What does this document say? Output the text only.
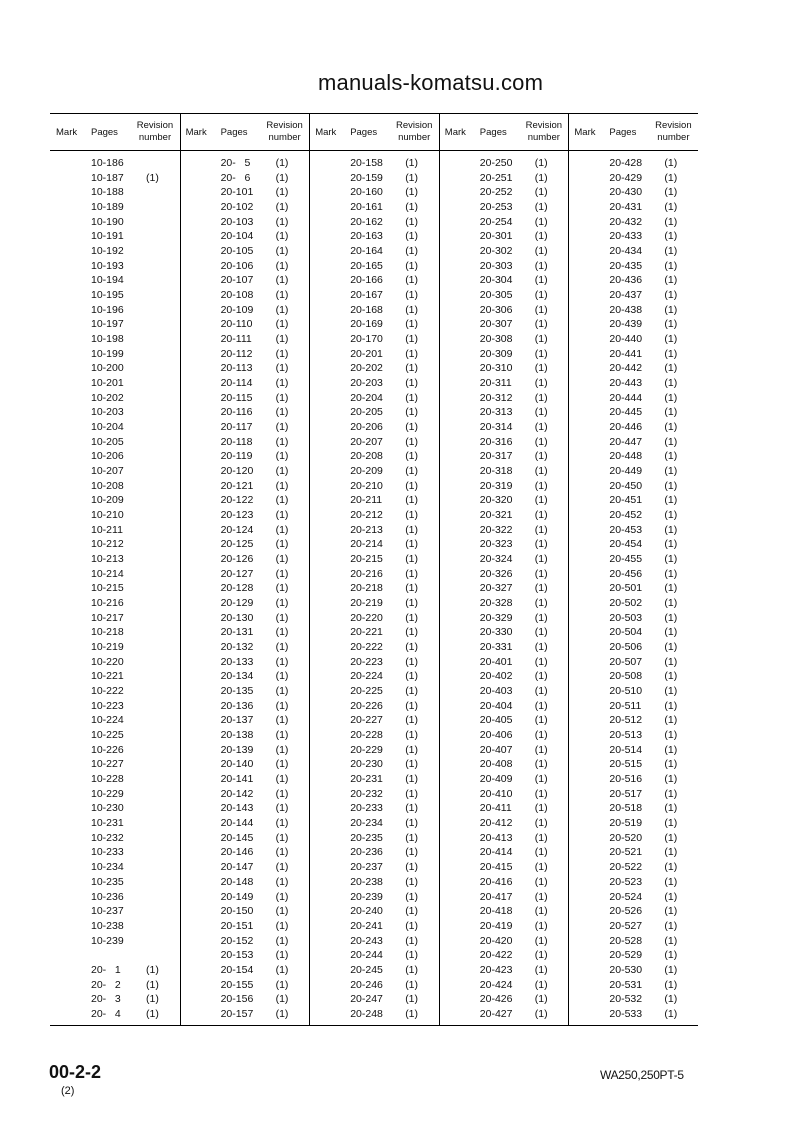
Mark Pages
Revision number
10-186
10-187 (1)
10-188
10-189
10-190
10-191
10-192
10-193
10-194
10-195
10-196
10-197
10-198
10-199
10-200
10-201
10-202
10-203
10-204
10-205
10-206
10-207
10-208
10-209
10-210
10-211
10-212
10-213
10-214
10-215
10-216
10-217
10-218
10-219
10-220
10-221
10-222
10-223
10-224
10-225
10-226
10-227
10-228
10-229
10-230
10-231
10-232
10-233
10-234
10-235
10-236
10-237
10-238
10-239
20-   1 (1)
20-   2 (1)
20-   3 (1)
20-   4 (1)
Mark Pages
Revision number
20-   5 (1)
20-   6 (1)
20-101 (1)
20-102 (1)
20-103 (1)
20-104 (1)
20-105 (1)
20-106 (1)
20-107 (1)
20-108 (1)
20-109 (1)
20-110 (1)
20-111 (1)
20-112 (1)
20-113 (1)
20-114 (1)
20-115 (1)
20-116 (1)
20-117 (1)
20-118 (1)
20-119 (1)
20-120 (1)
20-121 (1)
20-122 (1)
20-123 (1)
20-124 (1)
20-125 (1)
20-126 (1)
20-127 (1)
20-128 (1)
20-129 (1)
20-130 (1)
20-131 (1)
20-132 (1)
20-133 (1)
20-134 (1)
20-135 (1)
20-136 (1)
20-137 (1)
20-138 (1)
20-139 (1)
20-140 (1)
20-141 (1)
20-142 (1)
20-143 (1)
20-144 (1)
20-145 (1)
20-146 (1)
20-147 (1)
20-148 (1)
20-149 (1)
20-150 (1)
20-151 (1)
20-152 (1)
20-153 (1)
20-154 (1)
20-155 (1)
20-156 (1)
20-157 (1)
Mark Pages
Revision number
20-158 (1)
20-159 (1)
20-160 (1)
20-161 (1)
20-162 (1)
20-163 (1)
20-164 (1)
20-165 (1)
20-166 (1)
20-167 (1)
20-168 (1)
20-169 (1)
20-170 (1)
20-201 (1)
20-202 (1)
20-203 (1)
20-204 (1)
20-205 (1)
20-206 (1)
20-207 (1)
20-208 (1)
20-209 (1)
20-210 (1)
20-211 (1)
20-212 (1)
20-213 (1)
20-214 (1)
20-215 (1)
20-216 (1)
20-218 (1)
20-219 (1)
20-220 (1)
20-221 (1)
20-222 (1)
20-223 (1)
20-224 (1)
20-225 (1)
20-226 (1)
20-227 (1)
20-228 (1)
20-229 (1)
20-230 (1)
20-231 (1)
20-232 (1)
20-233 (1)
20-234 (1)
20-235 (1)
20-236 (1)
20-237 (1)
20-238 (1)
20-239 (1)
20-240 (1)
20-241 (1)
20-243 (1)
20-244 (1)
20-245 (1)
20-246 (1)
20-247 (1)
20-248 (1)
Mark Pages
Revision number
20-250 (1)
20-251 (1)
20-252 (1)
20-253 (1)
20-254 (1)
20-301 (1)
20-302 (1)
20-303 (1)
20-304 (1)
20-305 (1)
20-306 (1)
20-307 (1)
20-308 (1)
20-309 (1)
20-310 (1)
20-311 (1)
20-312 (1)
20-313 (1)
20-314 (1)
20-316 (1)
20-317 (1)
20-318 (1)
20-319 (1)
20-320 (1)
20-321 (1)
20-322 (1)
20-323 (1)
20-324 (1)
20-326 (1)
20-327 (1)
20-328 (1)
20-329 (1)
20-330 (1)
20-331 (1)
20-401 (1)
20-402 (1)
20-403 (1)
20-404 (1)
20-405 (1)
20-406 (1)
20-407 (1)
20-408 (1)
20-409 (1)
20-410 (1)
20-411 (1)
20-412 (1)
20-413 (1)
20-414 (1)
20-415 (1)
20-416 (1)
20-417 (1)
20-418 (1)
20-419 (1)
20-420 (1)
20-422 (1)
20-423 (1)
20-424 (1)
20-426 (1)
20-427 (1)
Mark Pages
Revision number
20-428 (1)
20-429 (1)
20-430 (1)
20-431 (1)
20-432 (1)
20-433 (1)
20-434 (1)
20-435 (1)
20-436 (1)
20-437 (1)
20-438 (1)
20-439 (1)
20-440 (1)
20-441 (1)
20-442 (1)
20-443 (1)
20-444 (1)
20-445 (1)
20-446 (1)
20-447 (1)
20-448 (1)
20-449 (1)
20-450 (1)
20-451 (1)
20-452 (1)
20-453 (1)
20-454 (1)
20-455 (1)
20-456 (1)
20-501 (1)
20-502 (1)
20-503 (1)
20-504 (1)
20-506 (1)
20-507 (1)
20-508 (1)
20-510 (1)
20-511 (1)
20-512 (1)
20-513 (1)
20-514 (1)
20-515 (1)
20-516 (1)
20-517 (1)
20-518 (1)
20-519 (1)
20-520 (1)
20-521 (1)
20-522 (1)
20-523 (1)
20-524 (1)
20-526 (1)
20-527 (1)
20-528 (1)
20-529 (1)
20-530 (1)
20-531 (1)
20-532 (1)
20-533 (1)
manuals-komatsu.com
00-2-2
(2)
WA250,250PT-5
